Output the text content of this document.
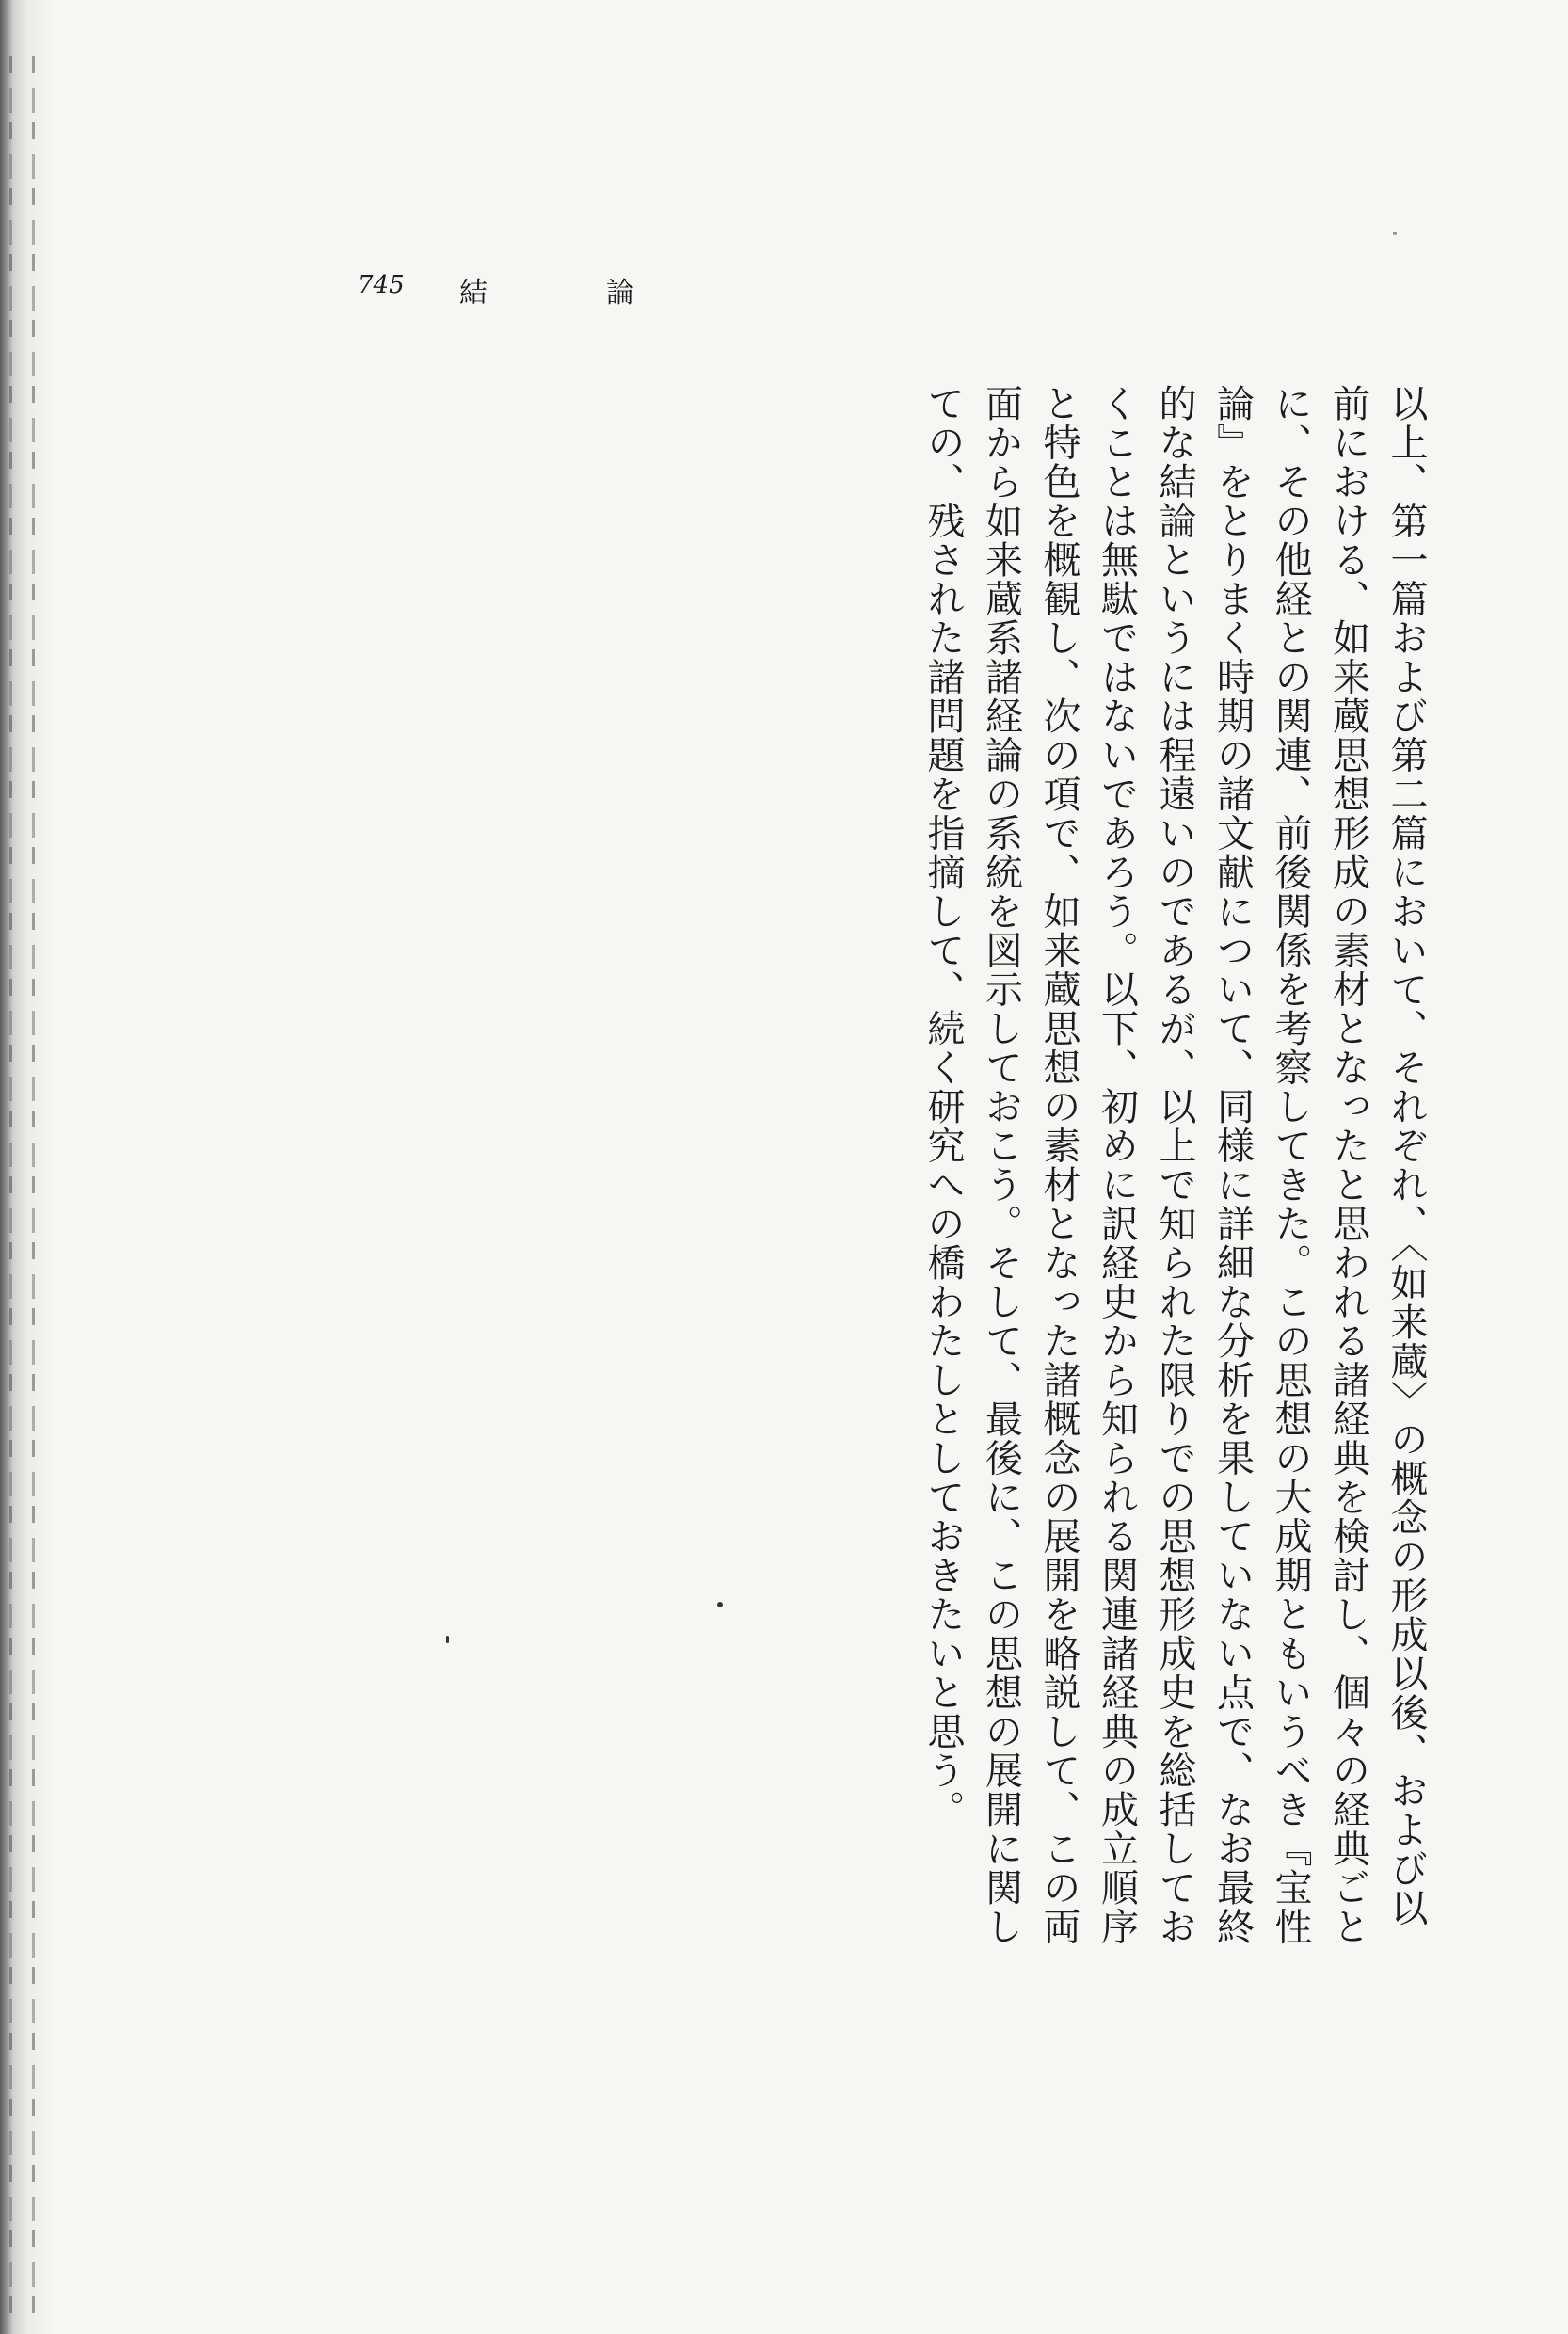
745 結　論

以上、第一篇および第二篇において、それぞれ、〈如来蔵〉の概念の形成以後、および以前における、如来蔵思想形成の素材となったと思われる諸経典を検討し、個々の経典ごとに、その他経との関連、前後関係を考察してきた。この思想の大成期ともいうべき『宝性論』をとりまく時期の諸文献について、同様に詳細な分析を果していない点で、なお最終的な結論というには程遠いのであるが、以上で知られた限りでの思想形成史を総括しておくことは無駄ではないであろう。以下、初めに訳経史から知られる関連諸経典の成立順序と特色を概観し、次の項で、如来蔵思想の素材となった諸概念の展開を略説して、この両面から如来蔵系諸経論の系統を図示しておこう。そして、最後に、この思想の展開に関しての、残された諸問題を指摘して、続く研究への橋わたしとしておきたいと思う。
